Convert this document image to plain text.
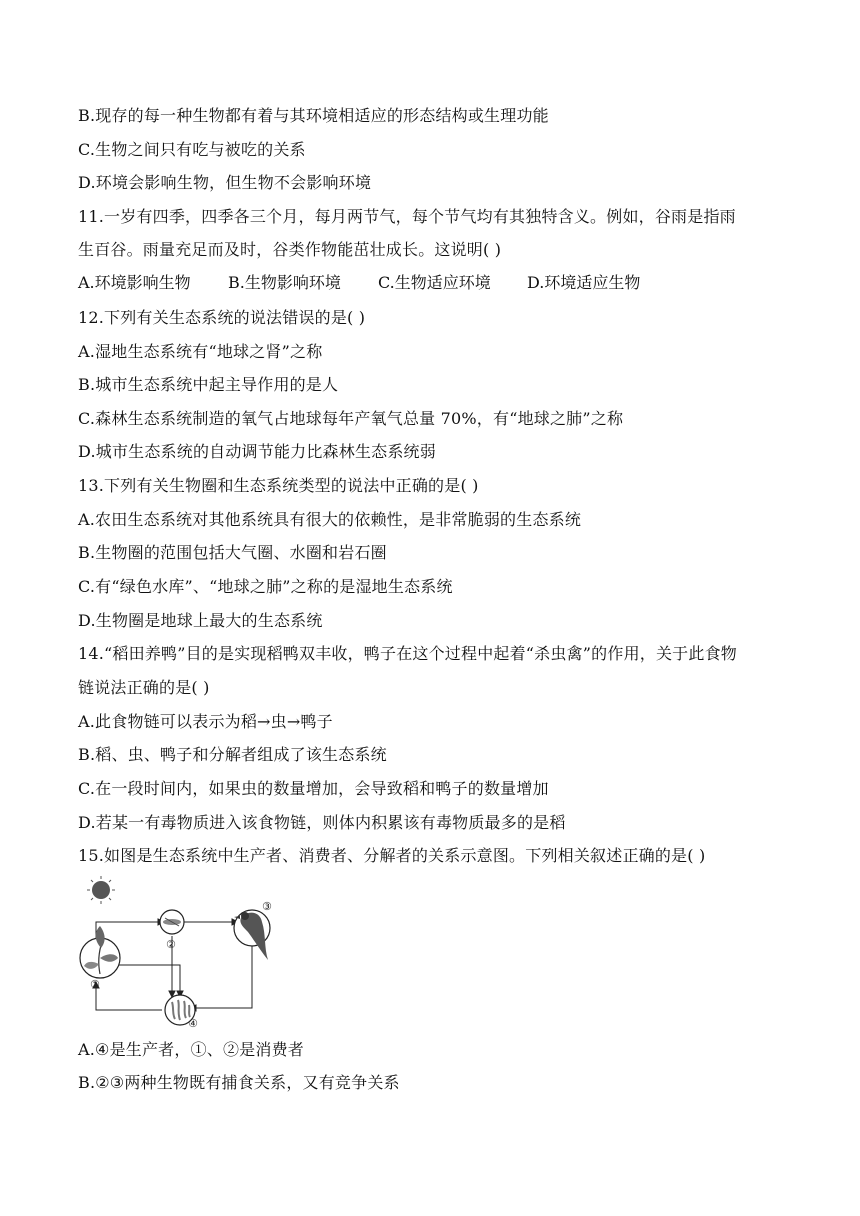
B.现存的每一种生物都有着与其环境相适应的形态结构或生理功能
C.生物之间只有吃与被吃的关系
D.环境会影响生物，但生物不会影响环境
11.一岁有四季，四季各三个月，每月两节气，每个节气均有其独特含义。例如，谷雨是指雨
生百谷。雨量充足而及时，谷类作物能茁壮成长。这说明( )
A.环境影响生物 B.生物影响环境 C.生物适应环境 D.环境适应生物
12.下列有关生态系统的说法错误的是( )
A.湿地生态系统有“地球之肾”之称
B.城市生态系统中起主导作用的是人
C.森林生态系统制造的氧气占地球每年产氧气总量 70%，有“地球之肺”之称
D.城市生态系统的自动调节能力比森林生态系统弱
13.下列有关生物圈和生态系统类型的说法中正确的是( )
A.农田生态系统对其他系统具有很大的依赖性，是非常脆弱的生态系统
B.生物圈的范围包括大气圈、水圈和岩石圈
C.有“绿色水库”、“地球之肺”之称的是湿地生态系统
D.生物圈是地球上最大的生态系统
14.“稻田养鸭”目的是实现稻鸭双丰收，鸭子在这个过程中起着“杀虫禽”的作用，关于此食物
链说法正确的是( )
A.此食物链可以表示为稻→虫→鸭子
B.稻、虫、鸭子和分解者组成了该生态系统
C.在一段时间内，如果虫的数量增加，会导致稻和鸭子的数量增加
D.若某一有毒物质进入该食物链，则体内积累该有毒物质最多的是稻
15.如图是生态系统中生产者、消费者、分解者的关系示意图。下列相关叙述正确的是( )
①
②
③
④
A.④是生产者，①、②是消费者
B.②③两种生物既有捕食关系，又有竞争关系
